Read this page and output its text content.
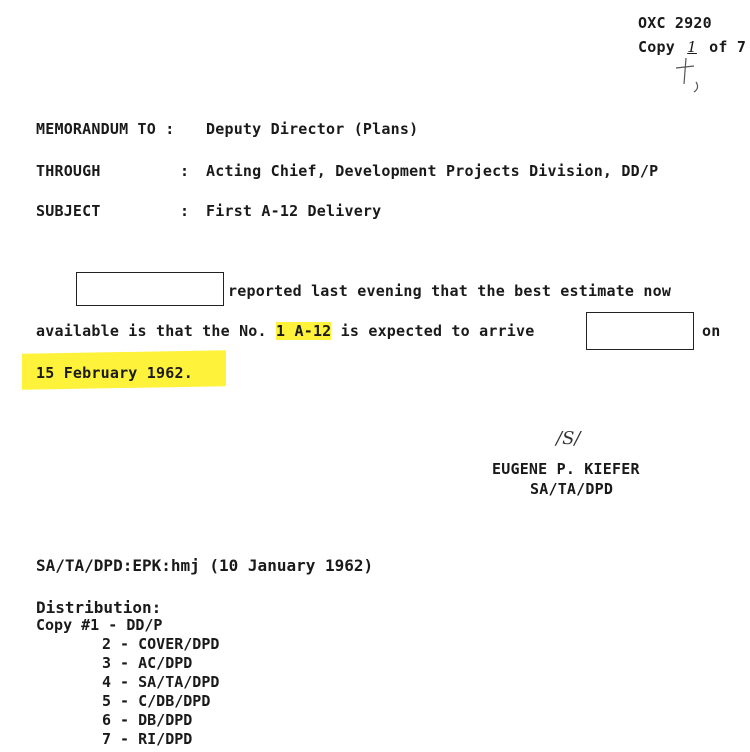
OXC 2920
Copy 1 of 7
MEMORANDUM TO : Deputy Director (Plans)
THROUGH	: Acting Chief, Development Projects Division, DD/P
SUBJECT	: First A-12 Delivery
reported last evening that the best estimate now
available is that the No. 1 A-12 is expected to arrive	on
15 February 1962.
/S/
EUGENE P. KIEFER
SA/TA/DPD
SA/TA/DPD:EPK:hmj (10 January 1962)
Distribution:
Copy #1 - DD/P
2 - COVER/DPD
3 - AC/DPD
4 - SA/TA/DPD
5 - C/DB/DPD
6 - DB/DPD
7 - RI/DPD
